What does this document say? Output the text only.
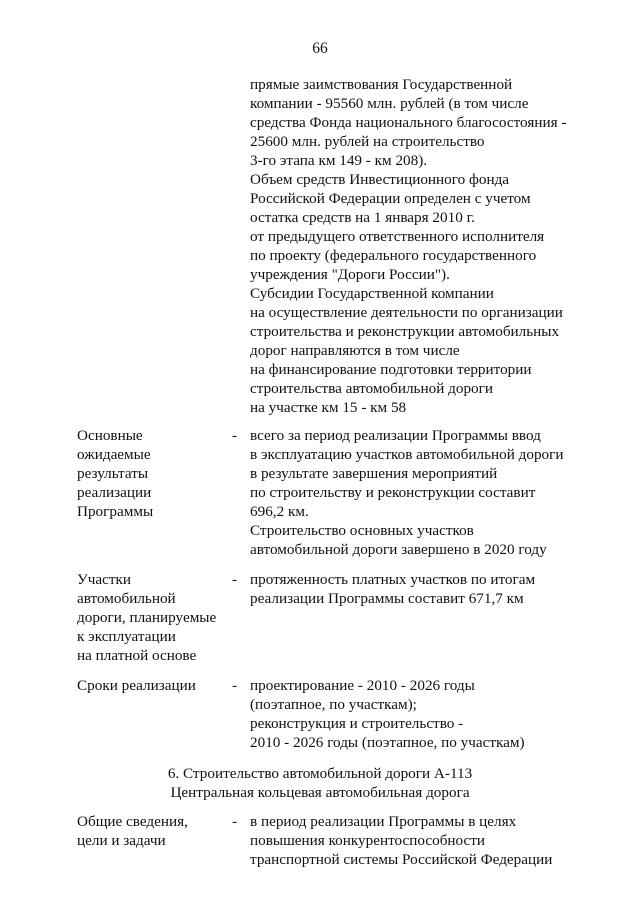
66
прямые заимствования Государственной
компании - 95560 млн. рублей (в том числе
средства Фонда национального благосостояния -
25600 млн. рублей на строительство
3-го этапа км 149 - км 208).
Объем средств Инвестиционного фонда
Российской Федерации определен с учетом
остатка средств на 1 января 2010 г.
от предыдущего ответственного исполнителя
по проекту (федерального государственного
учреждения "Дороги России").
Субсидии Государственной компании
на осуществление деятельности по организации
строительства и реконструкции автомобильных
дорог направляются в том числе
на финансирование подготовки территории
строительства автомобильной дороги
на участке км 15 - км 58
Основные
ожидаемые
результаты
реализации
Программы
- всего за период реализации Программы ввод
в эксплуатацию участков автомобильной дороги
в результате завершения мероприятий
по строительству и реконструкции составит
696,2 км.
Строительство основных участков
автомобильной дороги завершено в 2020 году
Участки
автомобильной
дороги, планируемые
к эксплуатации
на платной основе
- протяженность платных участков по итогам
реализации Программы составит 671,7 км
Сроки реализации - проектирование - 2010 - 2026 годы
(поэтапное, по участкам);
реконструкция и строительство -
2010 - 2026 годы (поэтапное, по участкам)
6. Строительство автомобильной дороги А-113
Центральная кольцевая автомобильная дорога
Общие сведения,
цели и задачи
- в период реализации Программы в целях
повышения конкурентоспособности
транспортной системы Российской Федерации
